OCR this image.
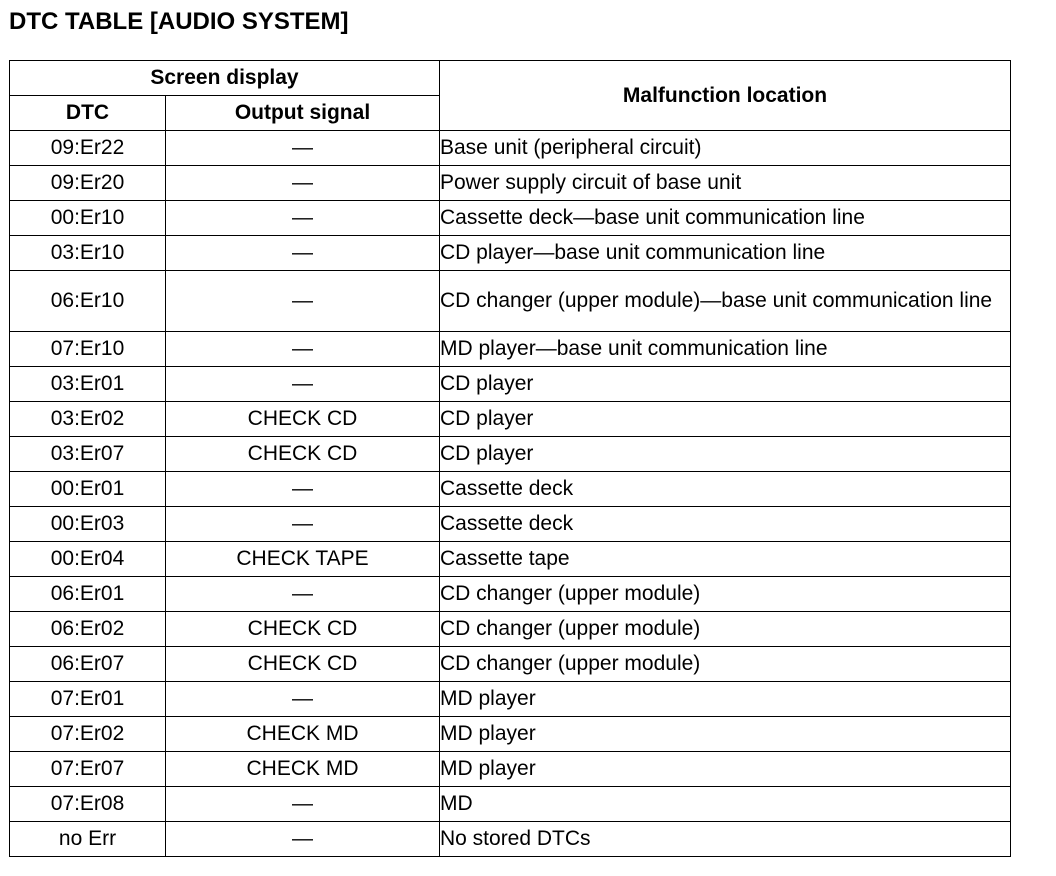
DTC TABLE [AUDIO SYSTEM]
Screen display		Malfunction location
DTC	Output signal	
09:Er22	—	Base unit (peripheral circuit)
09:Er20	—	Power supply circuit of base unit
00:Er10	—	Cassette deck—base unit communication line
03:Er10	—	CD player—base unit communication line
06:Er10	—	CD changer (upper module)—base unit communication line
07:Er10	—	MD player—base unit communication line
03:Er01	—	CD player
03:Er02	CHECK CD	CD player
03:Er07	CHECK CD	CD player
00:Er01	—	Cassette deck
00:Er03	—	Cassette deck
00:Er04	CHECK TAPE	Cassette tape
06:Er01	—	CD changer (upper module)
06:Er02	CHECK CD	CD changer (upper module)
06:Er07	CHECK CD	CD changer (upper module)
07:Er01	—	MD player
07:Er02	CHECK MD	MD player
07:Er07	CHECK MD	MD player
07:Er08	—	MD
no Err	—	No stored DTCs
